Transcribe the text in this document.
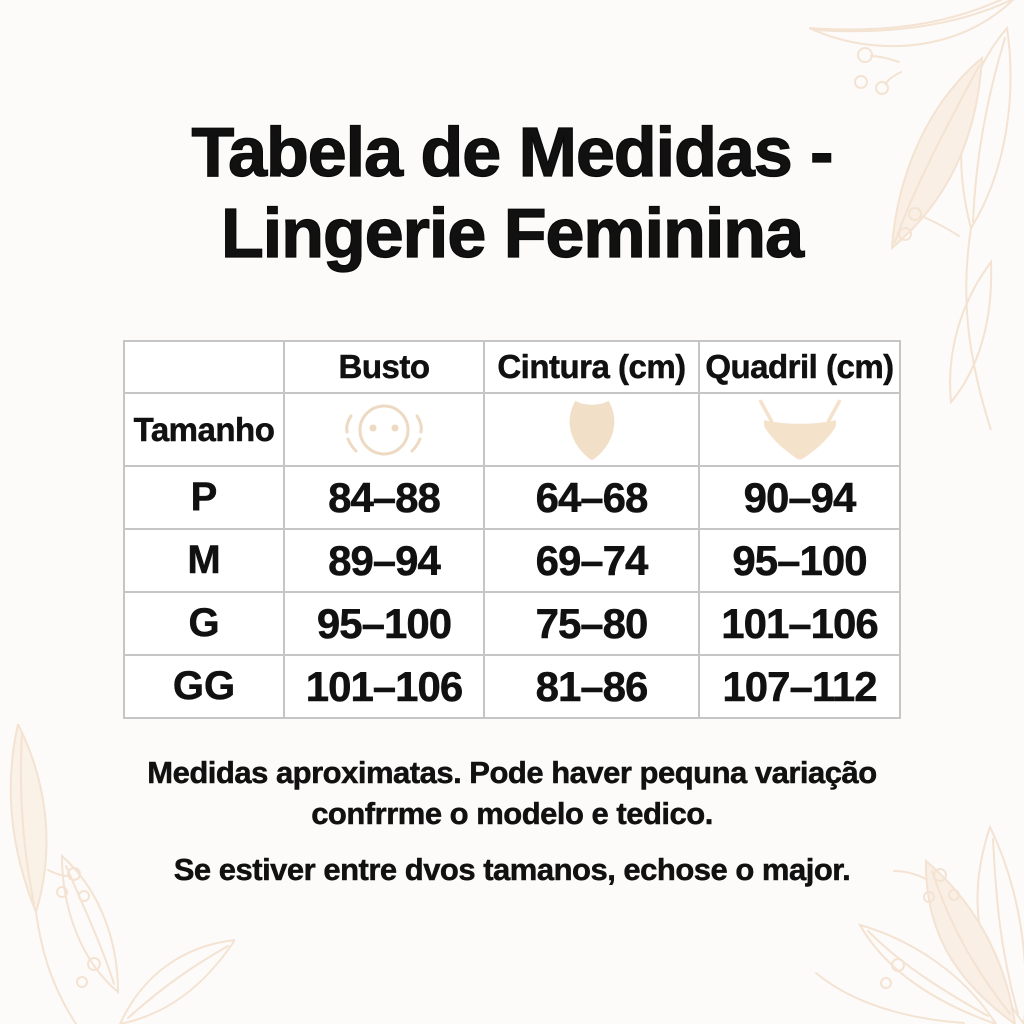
Tabela de Medidas -
Lingerie Feminina
	Busto	Cintura (cm)	Quadril (cm)
Tamanho	

P	84–88	64–68	90–94
M	89–94	69–74	95–100
G	95–100	75–80	101–106
GG	101–106	81–86	107–112
Medidas aproximatas. Pode haver pequna variação
confrrme o modelo e tedico.
Se estiver entre dvos tamanos, echose o major.
